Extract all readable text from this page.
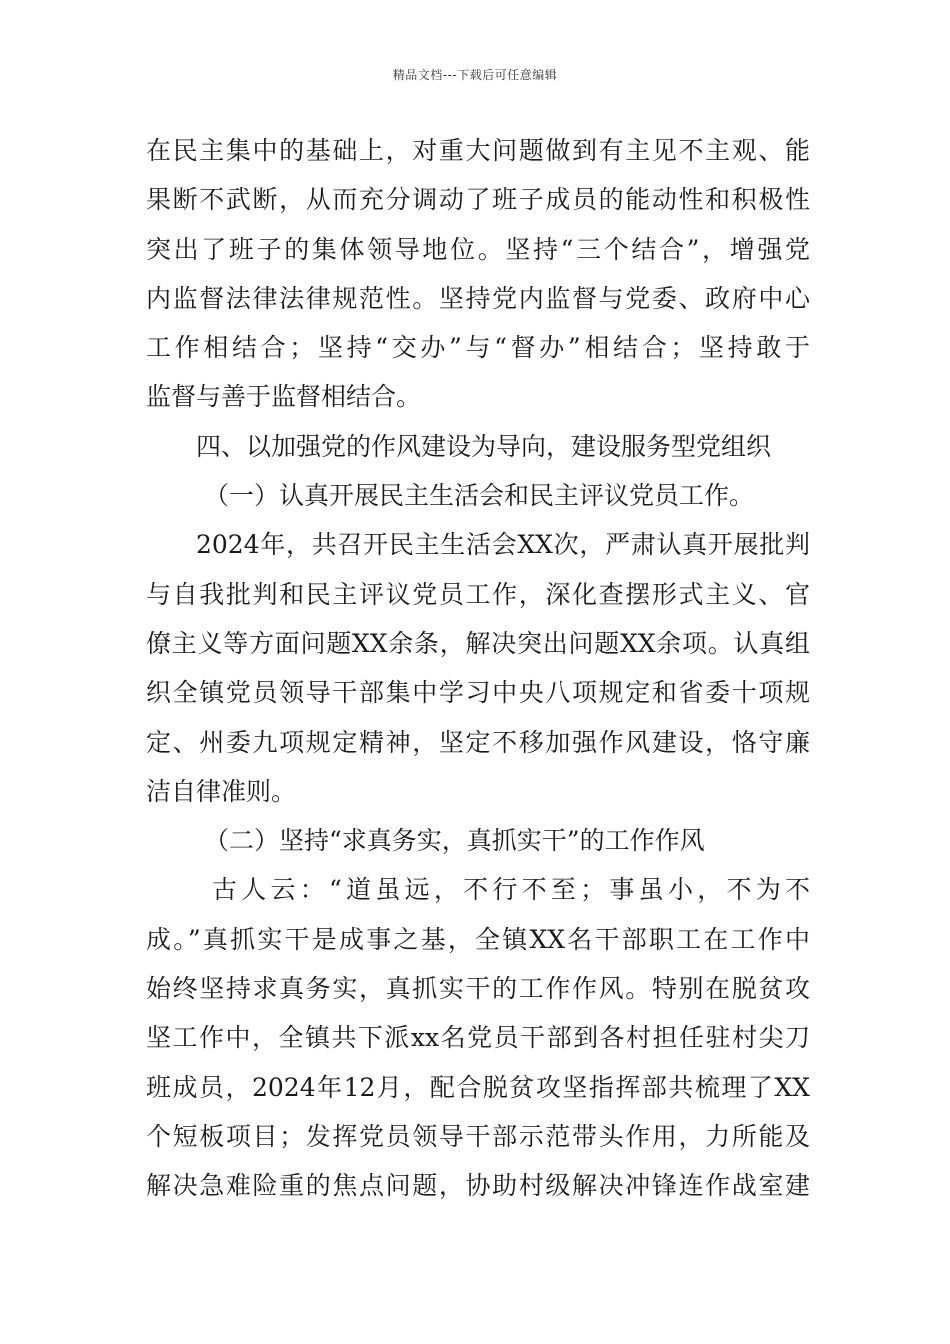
精品文档---下载后可任意编辑
在民主集中的基础上，对重大问题做到有主见不主观、能
果断不武断，从而充分调动了班子成员的能动性和积极性
突出了班子的集体领导地位。坚持“三个结合”，增强党
内监督法律法律规范性。坚持党内监督与党委、政府中心
工作相结合；坚持“交办”与“督办”相结合；坚持敢于
监督与善于监督相结合。
四、以加强党的作风建设为导向，建设服务型党组织
（一）认真开展民主生活会和民主评议党员工作。
2024年，共召开民主生活会XX次，严肃认真开展批判
与自我批判和民主评议党员工作，深化查摆形式主义、官
僚主义等方面问题XX余条，解决突出问题XX余项。认真组
织全镇党员领导干部集中学习中央八项规定和省委十项规
定、州委九项规定精神，坚定不移加强作风建设，恪守廉
洁自律准则。
（二）坚持“求真务实，真抓实干”的工作作风
古人云：“道虽远，不行不至；事虽小，不为不
成。”真抓实干是成事之基，全镇XX名干部职工在工作中
始终坚持求真务实，真抓实干的工作作风。特别在脱贫攻
坚工作中，全镇共下派xx名党员干部到各村担任驻村尖刀
班成员，2024年12月，配合脱贫攻坚指挥部共梳理了XX
个短板项目；发挥党员领导干部示范带头作用，力所能及
解决急难险重的焦点问题，协助村级解决冲锋连作战室建
